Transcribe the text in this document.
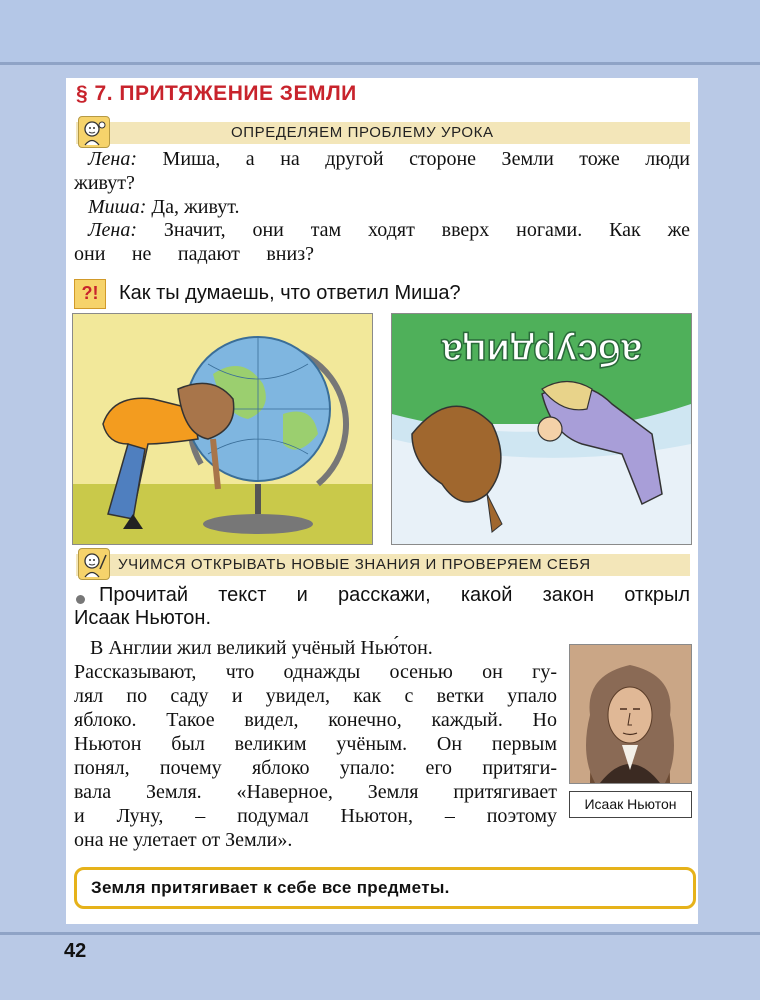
§ 7. ПРИТЯЖЕНИЕ ЗЕМЛИ
ОПРЕДЕЛЯЕМ ПРОБЛЕМУ УРОКА
Лена: Миша, а на другой стороне Земли тоже люди
живут?
Миша: Да, живут.
Лена: Значит, они там ходят вверх ногами. Как же
они не падают вниз?
?!	Как ты думаешь, что ответил Миша?
абсурдица
УЧИМСЯ ОТКРЫВАТЬ НОВЫЕ ЗНАНИЯ И ПРОВЕРЯЕМ СЕБЯ
Прочитай текст и расскажи, какой закон открыл
Исаак Ньютон.
В Англии жил великий учёный Нью́тон.
Рассказывают, что однажды осенью он гу-
лял по саду и увидел, как с ветки упало
яблоко. Такое видел, конечно, каждый. Но
Ньютон был великим учёным. Он первым
понял, почему яблоко упало: его притяги-
вала Земля. «Наверное, Земля притягивает
и Луну, – подумал Ньютон, – поэтому
она не улетает от Земли».
Исаак Ньютон
Земля притягивает к себе все предметы.
42
